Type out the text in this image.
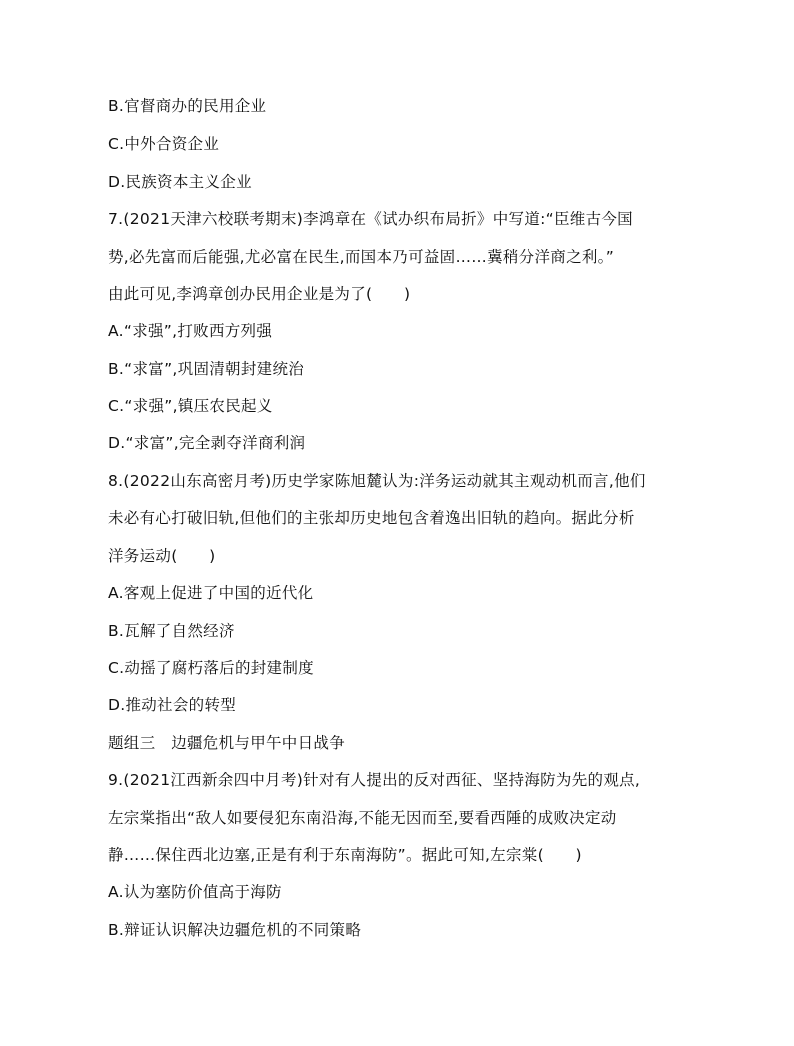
B.官督商办的民用企业
C.中外合资企业
D.民族资本主义企业
7.(2021天津六校联考期末)李鸿章在《试办织布局折》中写道:“臣维古今国
势,必先富而后能强,尤必富在民生,而国本乃可益固……冀稍分洋商之利。”
由此可见,李鸿章创办民用企业是为了(　　)
A.“求强”,打败西方列强
B.“求富”,巩固清朝封建统治
C.“求强”,镇压农民起义
D.“求富”,完全剥夺洋商利润
8.(2022山东高密月考)历史学家陈旭麓认为:洋务运动就其主观动机而言,他们
未必有心打破旧轨,但他们的主张却历史地包含着逸出旧轨的趋向。据此分析
洋务运动(　　)
A.客观上促进了中国的近代化
B.瓦解了自然经济
C.动摇了腐朽落后的封建制度
D.推动社会的转型
题组三　边疆危机与甲午中日战争
9.(2021江西新余四中月考)针对有人提出的反对西征、坚持海防为先的观点,
左宗棠指出“敌人如要侵犯东南沿海,不能无因而至,要看西陲的成败决定动
静……保住西北边塞,正是有利于东南海防”。据此可知,左宗棠(　　)
A.认为塞防价值高于海防
B.辩证认识解决边疆危机的不同策略
